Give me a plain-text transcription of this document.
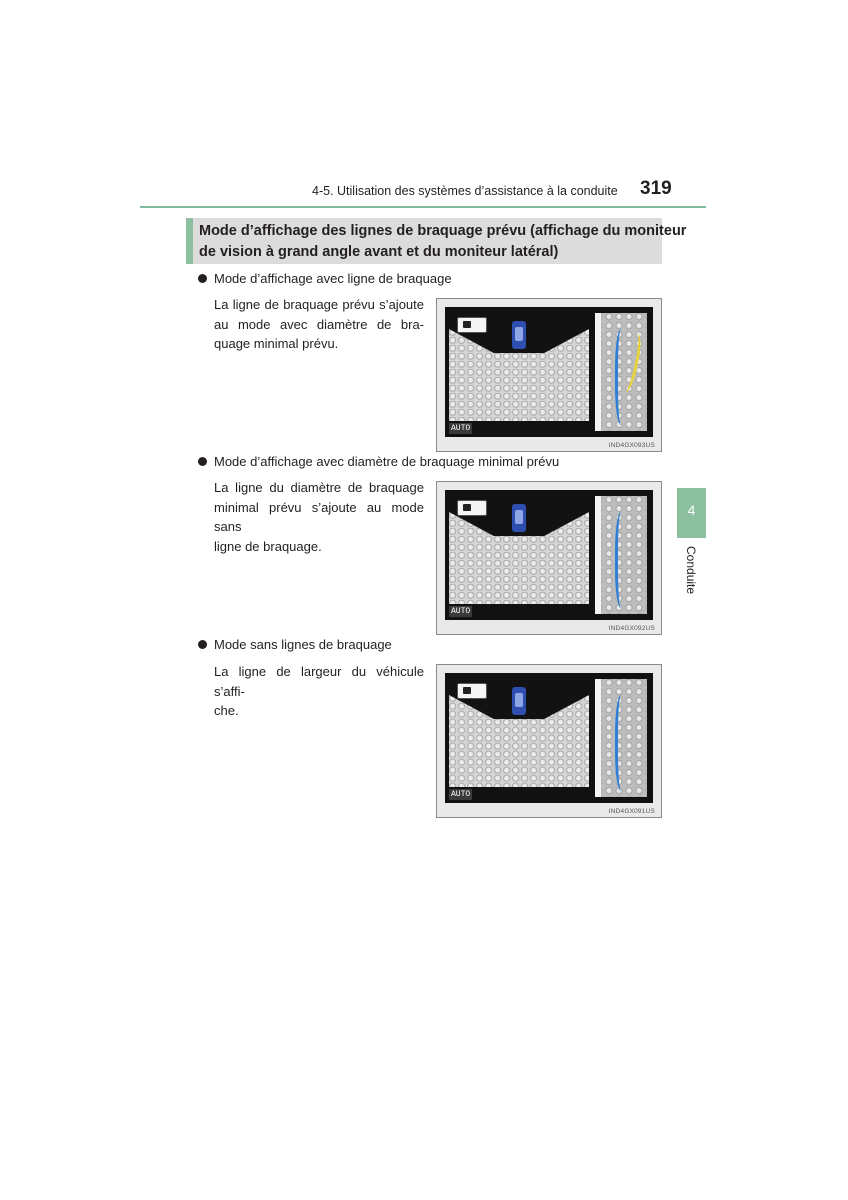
4-5. Utilisation des systèmes d’assistance à la conduite 319
Mode d’affichage des lignes de braquage prévu (affichage du moniteur
de vision à grand angle avant et du moniteur latéral)
Mode d’affichage avec ligne de braquage
La ligne de braquage prévu s’ajoute
au mode avec diamètre de bra-
quage minimal prévu.
AUTO
IND4GX093US
Mode d’affichage avec diamètre de braquage minimal prévu
La ligne du diamètre de braquage
minimal prévu s’ajoute au mode sans
ligne de braquage.
AUTO
IND4GX092US
Mode sans lignes de braquage
La ligne de largeur du véhicule s’affi-
che.
AUTO
IND4GX091US
4
Conduite
